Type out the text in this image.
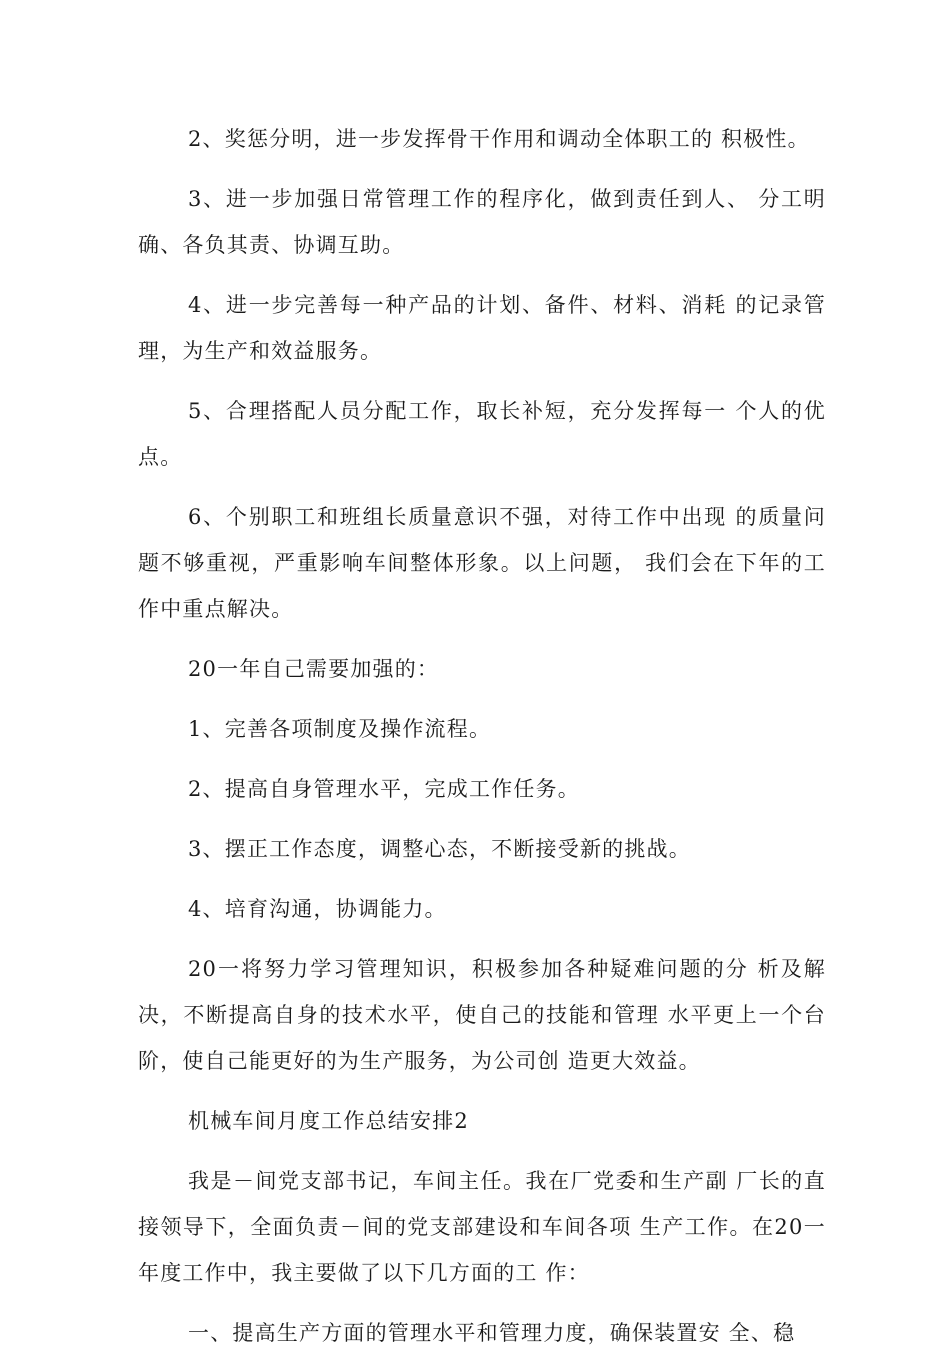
2、奖惩分明，进一步发挥骨干作用和调动全体职工的 积极性。

3、进一步加强日常管理工作的程序化，做到责任到人、 分工明确、各负其责、协调互助。

4、进一步完善每一种产品的计划、备件、材料、消耗 的记录管理，为生产和效益服务。

5、合理搭配人员分配工作，取长补短，充分发挥每一 个人的优点。

6、个别职工和班组长质量意识不强，对待工作中出现 的质量问题不够重视，严重影响车间整体形象。以上问题， 我们会在下年的工作中重点解决。

20一年自己需要加强的：

1、完善各项制度及操作流程。

2、提高自身管理水平，完成工作任务。

3、摆正工作态度，调整心态，不断接受新的挑战。

4、培育沟通，协调能力。

20一将努力学习管理知识，积极参加各种疑难问题的分 析及解决，不断提高自身的技术水平，使自己的技能和管理 水平更上一个台阶，使自己能更好的为生产服务，为公司创 造更大效益。

机械车间月度工作总结安排2

我是－间党支部书记，车间主任。我在厂党委和生产副 厂长的直接领导下，全面负责－间的党支部建设和车间各项 生产工作。在20一年度工作中，我主要做了以下几方面的工 作：

一、提高生产方面的管理水平和管理力度，确保装置安 全、稳
